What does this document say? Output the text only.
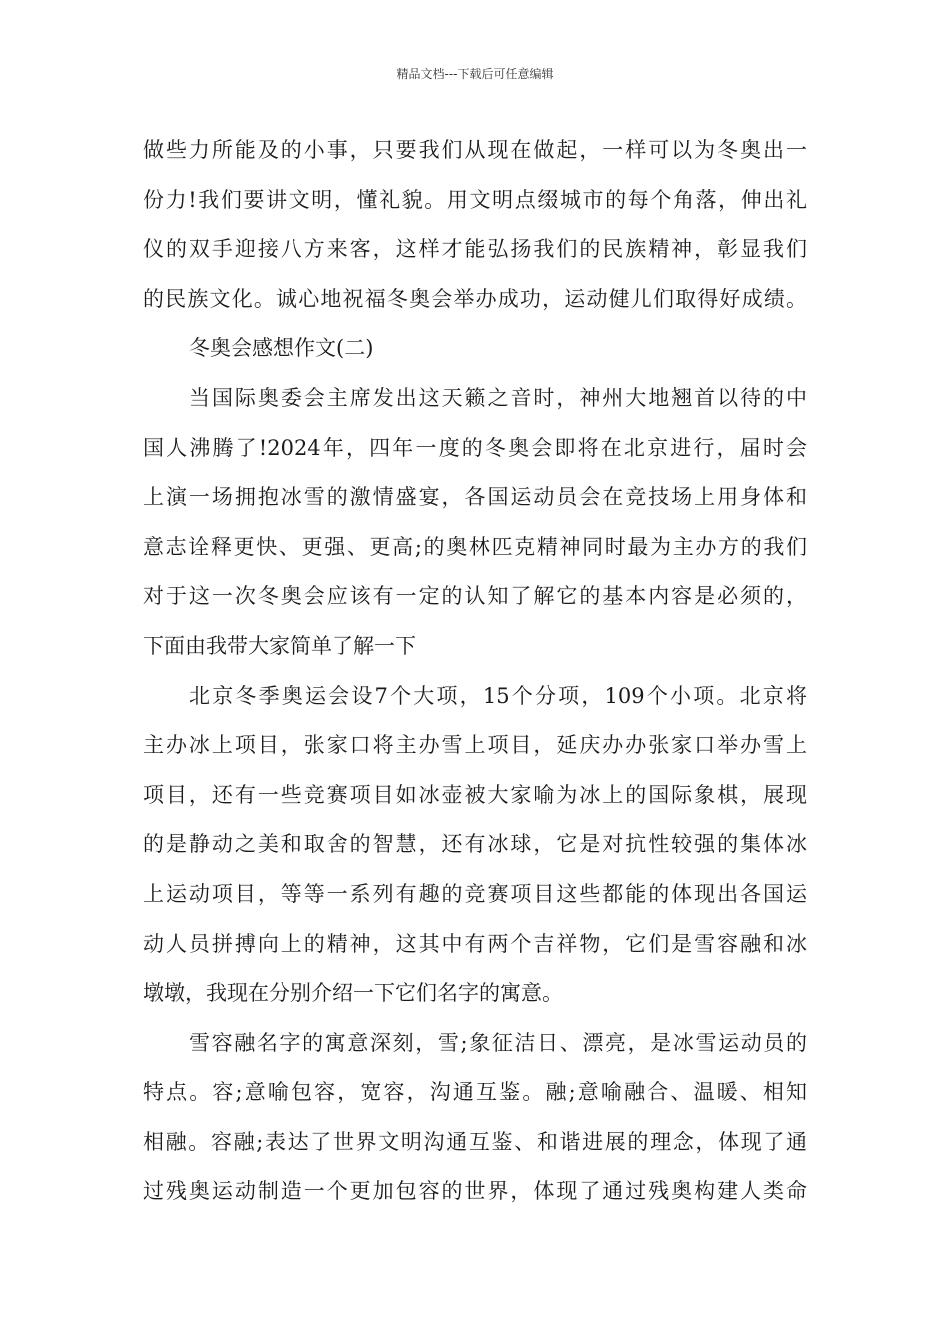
精品文档---下载后可任意编辑
做些力所能及的小事，只要我们从现在做起，一样可以为冬奥出一
份力!我们要讲文明，懂礼貌。用文明点缀城市的每个角落，伸出礼
仪的双手迎接八方来客，这样才能弘扬我们的民族精神，彰显我们
的民族文化。诚心地祝福冬奥会举办成功，运动健儿们取得好成绩。
冬奥会感想作文(二)
当国际奥委会主席发出这天籁之音时，神州大地翘首以待的中
国人沸腾了!2024年，四年一度的冬奥会即将在北京进行，届时会
上演一场拥抱冰雪的激情盛宴，各国运动员会在竞技场上用身体和
意志诠释更快、更强、更高;的奥林匹克精神同时最为主办方的我们
对于这一次冬奥会应该有一定的认知了解它的基本内容是必须的，
下面由我带大家简单了解一下
北京冬季奥运会设7个大项，15个分项，109个小项。北京将
主办冰上项目，张家口将主办雪上项目，延庆办办张家口举办雪上
项目，还有一些竞赛项目如冰壶被大家喻为冰上的国际象棋，展现
的是静动之美和取舍的智慧，还有冰球，它是对抗性较强的集体冰
上运动项目，等等一系列有趣的竞赛项目这些都能的体现出各国运
动人员拼搏向上的精神，这其中有两个吉祥物，它们是雪容融和冰
墩墩，我现在分别介绍一下它们名字的寓意。
雪容融名字的寓意深刻，雪;象征洁日、漂亮，是冰雪运动员的
特点。容;意喻包容，宽容，沟通互鉴。融;意喻融合、温暖、相知
相融。容融;表达了世界文明沟通互鉴、和谐进展的理念，体现了通
过残奥运动制造一个更加包容的世界，体现了通过残奥构建人类命
